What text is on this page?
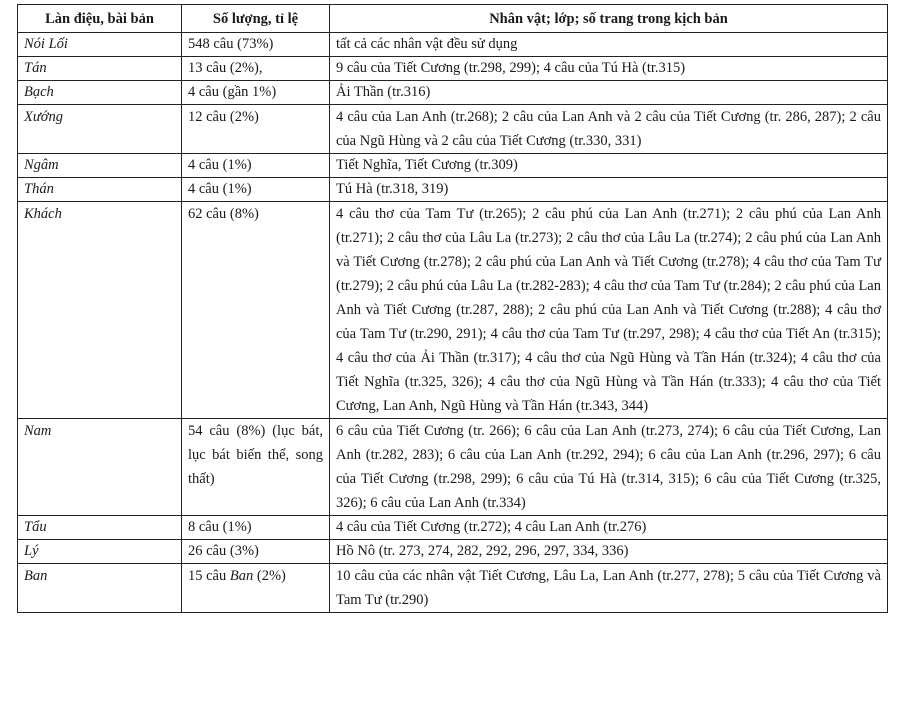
Làn điệu, bài bản	Số lượng, tỉ lệ	Nhân vật; lớp; số trang trong kịch bản
Nói Lối	548 câu (73%)	tất cả các nhân vật đều sử dụng
Tán	13 câu (2%),	9 câu của Tiết Cương (tr.298, 299); 4 câu của Tú Hà (tr.315)
Bạch	4 câu (gần 1%)	Ải Thần (tr.316)
Xướng	12 câu (2%)	4 câu của Lan Anh (tr.268); 2 câu của Lan Anh và 2 câu của Tiết Cương (tr. 286, 287); 2 câu của Ngũ Hùng và 2 câu của Tiết Cương (tr.330, 331)
Ngâm	4 câu (1%)	Tiết Nghĩa, Tiết Cương (tr.309)
Thán	4 câu (1%)	Tú Hà (tr.318, 319)
Khách	62 câu (8%)	4 câu thơ của Tam Tư (tr.265); 2 câu phú của Lan Anh (tr.271); 2 câu phú của Lan Anh (tr.271); 2 câu thơ của Lâu La (tr.273); 2 câu thơ của Lâu La (tr.274); 2 câu phú của Lan Anh và Tiết Cương (tr.278); 2 câu phú của Lan Anh và Tiết Cương (tr.278); 4 câu thơ của Tam Tư (tr.279); 2 câu phú của Lâu La (tr.282-283); 4 câu thơ của Tam Tư (tr.284); 2 câu phú của Lan Anh và Tiết Cương (tr.287, 288); 2 câu phú của Lan Anh và Tiết Cương (tr.288); 4 câu thơ của Tam Tư (tr.290, 291); 4 câu thơ của Tam Tư (tr.297, 298); 4 câu thơ của Tiết An (tr.315); 4 câu thơ của Ải Thần (tr.317); 4 câu thơ của Ngũ Hùng và Tần Hán (tr.324); 4 câu thơ của Tiết Nghĩa (tr.325, 326); 4 câu thơ của Ngũ Hùng và Tần Hán (tr.333); 4 câu thơ của Tiết Cương, Lan Anh, Ngũ Hùng và Tần Hán (tr.343, 344)
Nam	54 câu (8%) (lục bát, lục bát biến thể, song thất)	6 câu của Tiết Cương (tr. 266); 6 câu của Lan Anh (tr.273, 274); 6 câu của Tiết Cương, Lan Anh (tr.282, 283); 6 câu của Lan Anh (tr.292, 294); 6 câu của Lan Anh (tr.296, 297); 6 câu của Tiết Cương (tr.298, 299); 6 câu của Tú Hà (tr.314, 315); 6 câu của Tiết Cương (tr.325, 326); 6 câu của Lan Anh (tr.334)
Tẩu	8 câu (1%)	4 câu của Tiết Cương (tr.272); 4 câu Lan Anh (tr.276)
Lý	26 câu (3%)	Hồ Nô (tr. 273, 274, 282, 292, 296, 297, 334, 336)
Ban	15 câu Ban (2%)	10 câu của các nhân vật Tiết Cương, Lâu La, Lan Anh (tr.277, 278); 5 câu của Tiết Cương và Tam Tư (tr.290)
